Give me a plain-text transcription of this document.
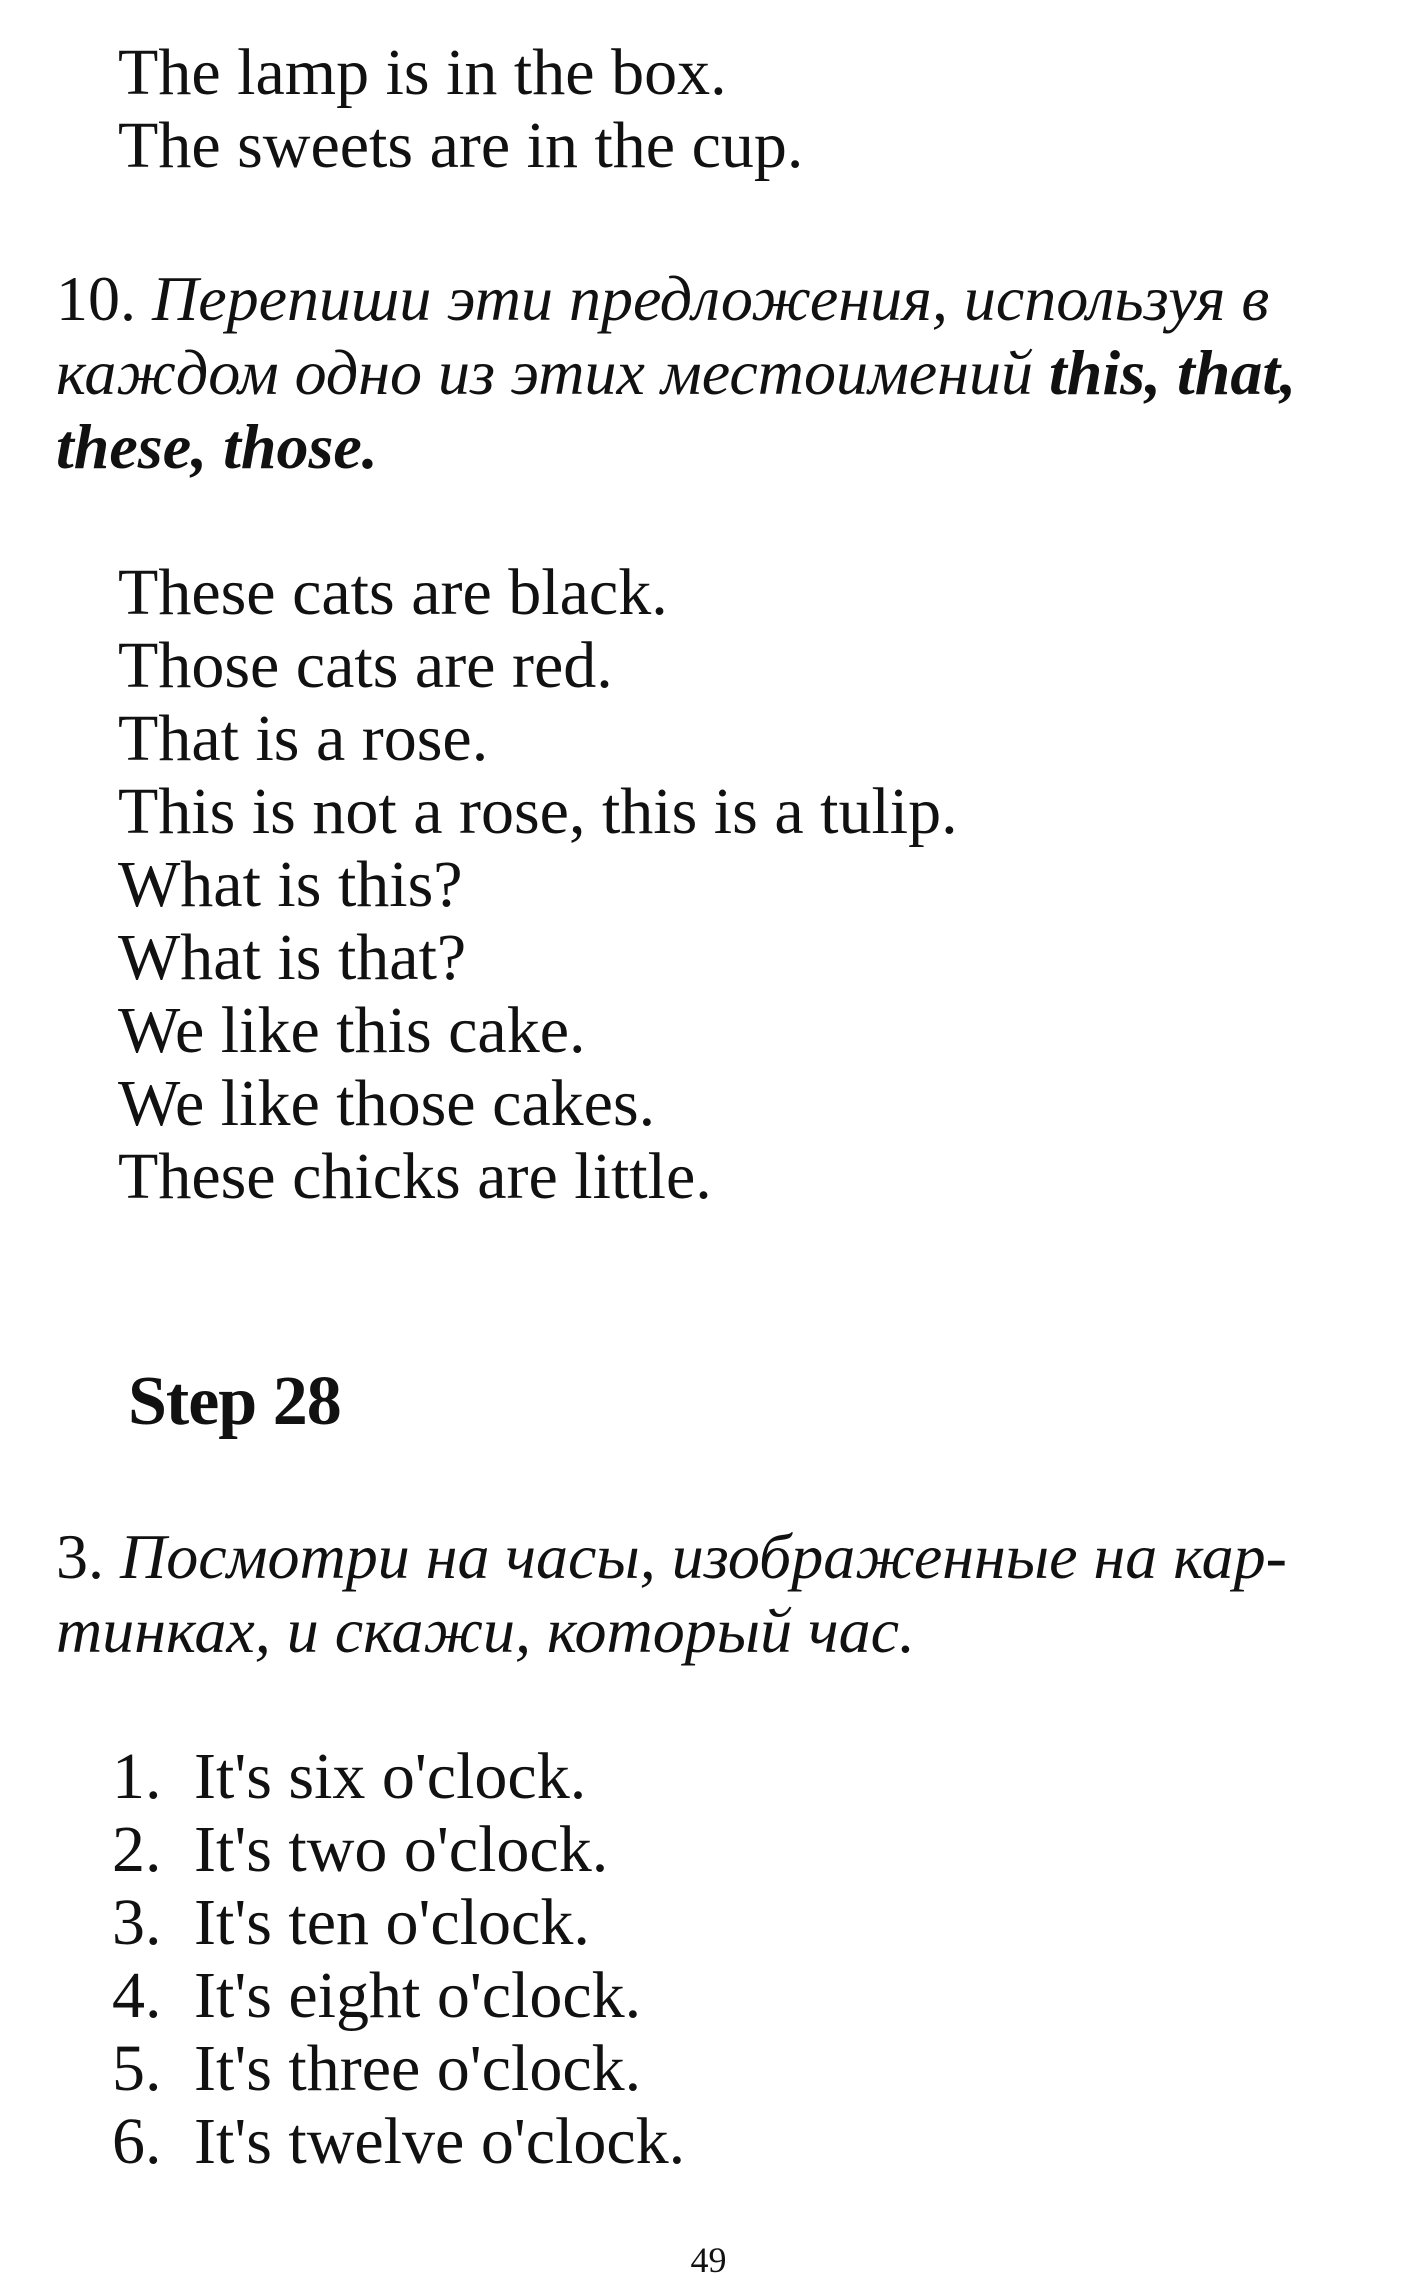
The lamp is in the box.
The sweets are in the cup.
10. Перепиши эти предложения, используя в
каждом одно из этих местоимений this, that,
these, those.
These cats are black.
Those cats are red.
That is a rose.
This is not a rose, this is a tulip.
What is this?
What is that?
We like this cake.
We like those cakes.
These chicks are little.
Step 28
3. Посмотри на часы, изображенные на кар-
тинках, и скажи, который час.
1. It's six o'clock.
2. It's two o'clock.
3. It's ten o'clock.
4. It's eight o'clock.
5. It's three o'clock.
6. It's twelve o'clock.
49
